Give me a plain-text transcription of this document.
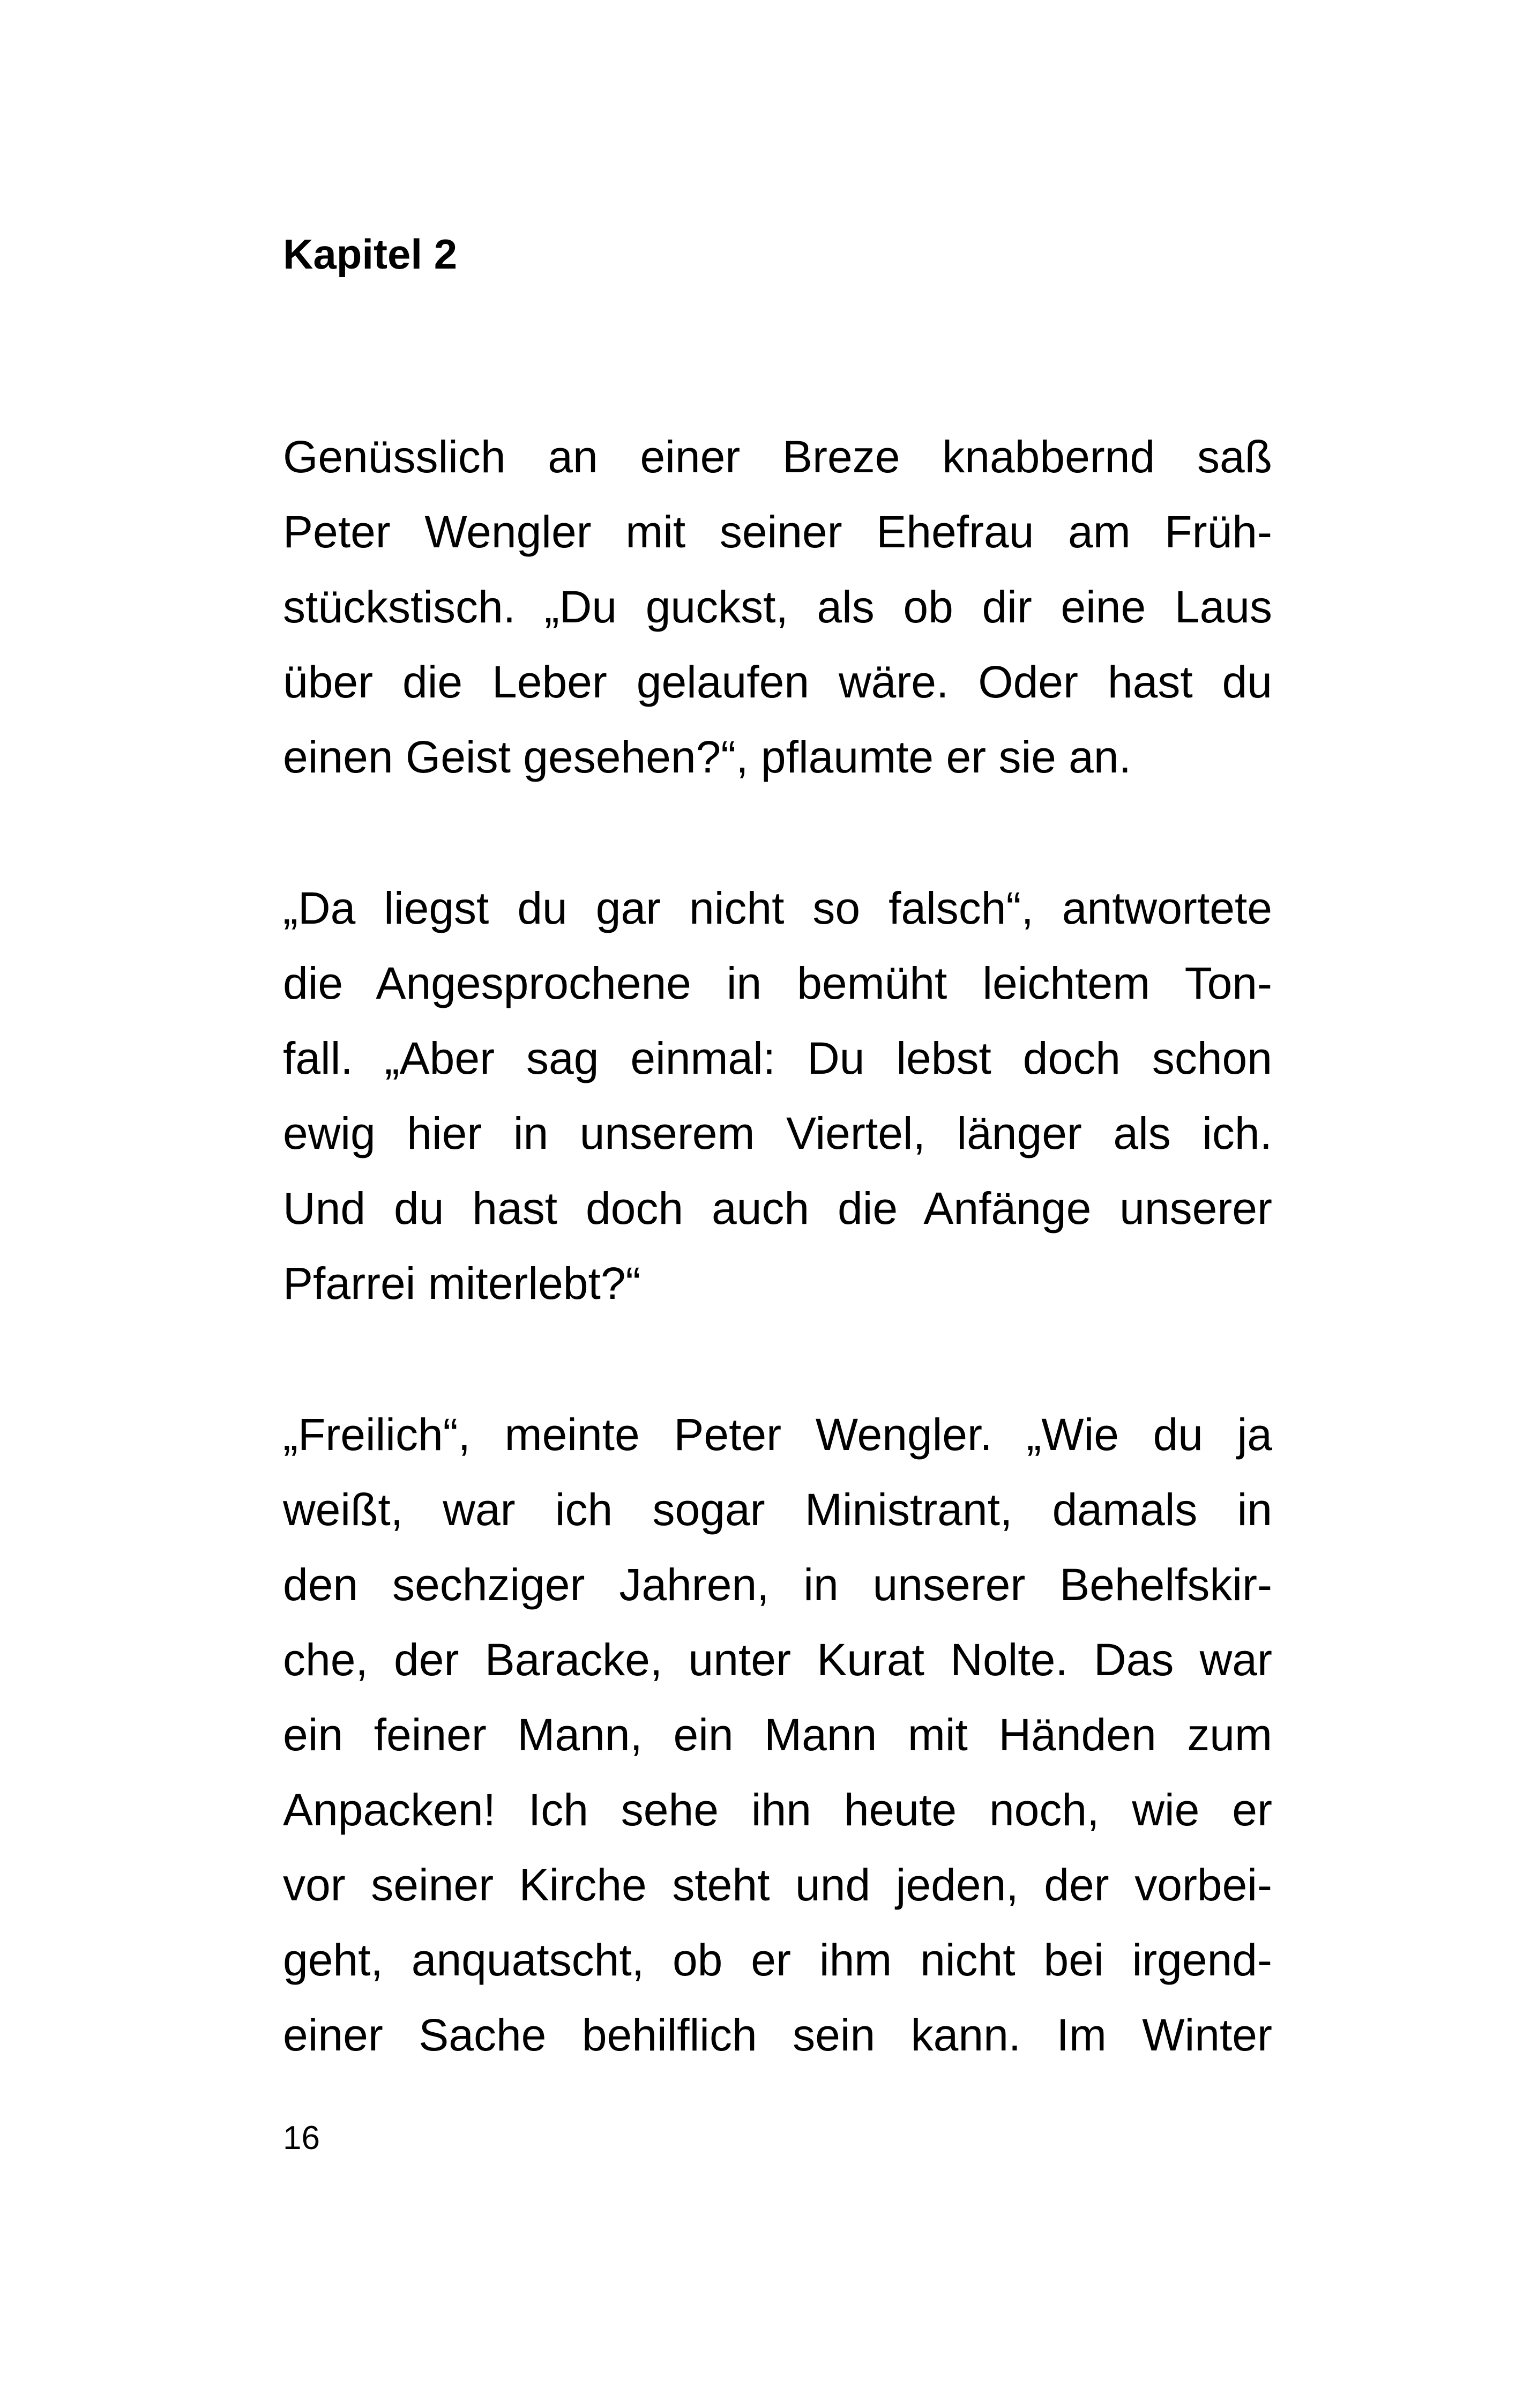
Kapitel 2

Genüsslich an einer Breze knabbernd saß

Peter Wengler mit seiner Ehefrau am Früh-

stückstisch. „Du guckst, als ob dir eine Laus

über die Leber gelaufen wäre. Oder hast du

einen Geist gesehen?“, pflaumte er sie an.

„Da liegst du gar nicht so falsch“, antwortete

die Angesprochene in bemüht leichtem Ton-

fall. „Aber sag einmal: Du lebst doch schon

ewig hier in unserem Viertel, länger als ich.

Und du hast doch auch die Anfänge unserer

Pfarrei miterlebt?“

„Freilich“, meinte Peter Wengler. „Wie du ja

weißt, war ich sogar Ministrant, damals in

den sechziger Jahren, in unserer Behelfskir-

che, der Baracke, unter Kurat Nolte. Das war

ein feiner Mann, ein Mann mit Händen zum

Anpacken! Ich sehe ihn heute noch, wie er

vor seiner Kirche steht und jeden, der vorbei-

geht, anquatscht, ob er ihm nicht bei irgend-

einer Sache behilflich sein kann. Im Winter

16
